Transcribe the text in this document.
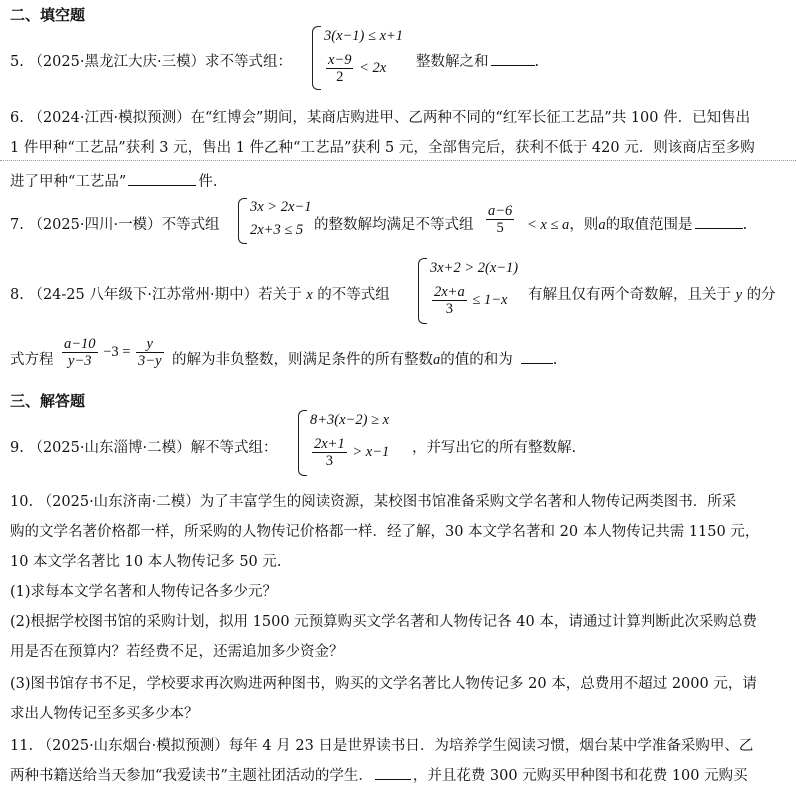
二、填空题
5. （2025·黑龙江大庆·三模）求不等式组：
3(x−1) ≤ x+1
$\frac{x-9}{2} < 2x$ 整数解之和	.
6. （2024·江西·模拟预测）在“红博会”期间，某商店购进甲、乙两种不同的“红军长征工艺品”共 100 件．已知售出
1 件甲种“工艺品”获利 3 元，售出 1 件乙种“工艺品”获利 5 元，全部售完后，获利不低于 420 元．则该商店至多购
进了甲种“工艺品”	件.
7. （2025·四川·一模）不等式组
3x > 2x−1
2x+3 ≤ 5 的整数解均满足不等式组 $\frac{a-6}{5} < x \le a$，则a的取值范围是	.
8. （24-25 八年级下·江苏常州·期中）若关于 x 的不等式组
3x+2 > 2(x−1)
$\frac{2x+a}{3} \le 1-x$ 有解且仅有两个奇数解，且关于 y 的分
式方程 $\frac{a-10}{y-3} -3 = \frac{y}{3-y}$ 的解为非负整数，则满足条件的所有整数a的值的和为	.
三、解答题
9. （2025·山东淄博·二模）解不等式组：
8+3(x−2) ≥ x
$\frac{2x+1}{3} > x-1$ ，并写出它的所有整数解.
10. （2025·山东济南·二模）为了丰富学生的阅读资源，某校图书馆准备采购文学名著和人物传记两类图书．所采
购的文学名著价格都一样，所采购的人物传记价格都一样．经了解，30 本文学名著和 20 本人物传记共需 1150 元，
10 本文学名著比 10 本人物传记多 50 元.
(1)求每本文学名著和人物传记各多少元？
(2)根据学校图书馆的采购计划，拟用 1500 元预算购买文学名著和人物传记各 40 本，请通过计算判断此次采购总费
用是否在预算内？若经费不足，还需追加多少资金？
(3)图书馆存书不足，学校要求再次购进两种图书，购买的文学名著比人物传记多 20 本，总费用不超过 2000 元，请
求出人物传记至多买多少本？
11. （2025·山东烟台·模拟预测）每年 4 月 23 日是世界读书日．为培养学生阅读习惯，烟台某中学准备采购甲、乙
两种书籍送给当天参加“我爱读书”主题社团活动的学生．	，并且花费 300 元购买甲种图书和花费 100 元购买
